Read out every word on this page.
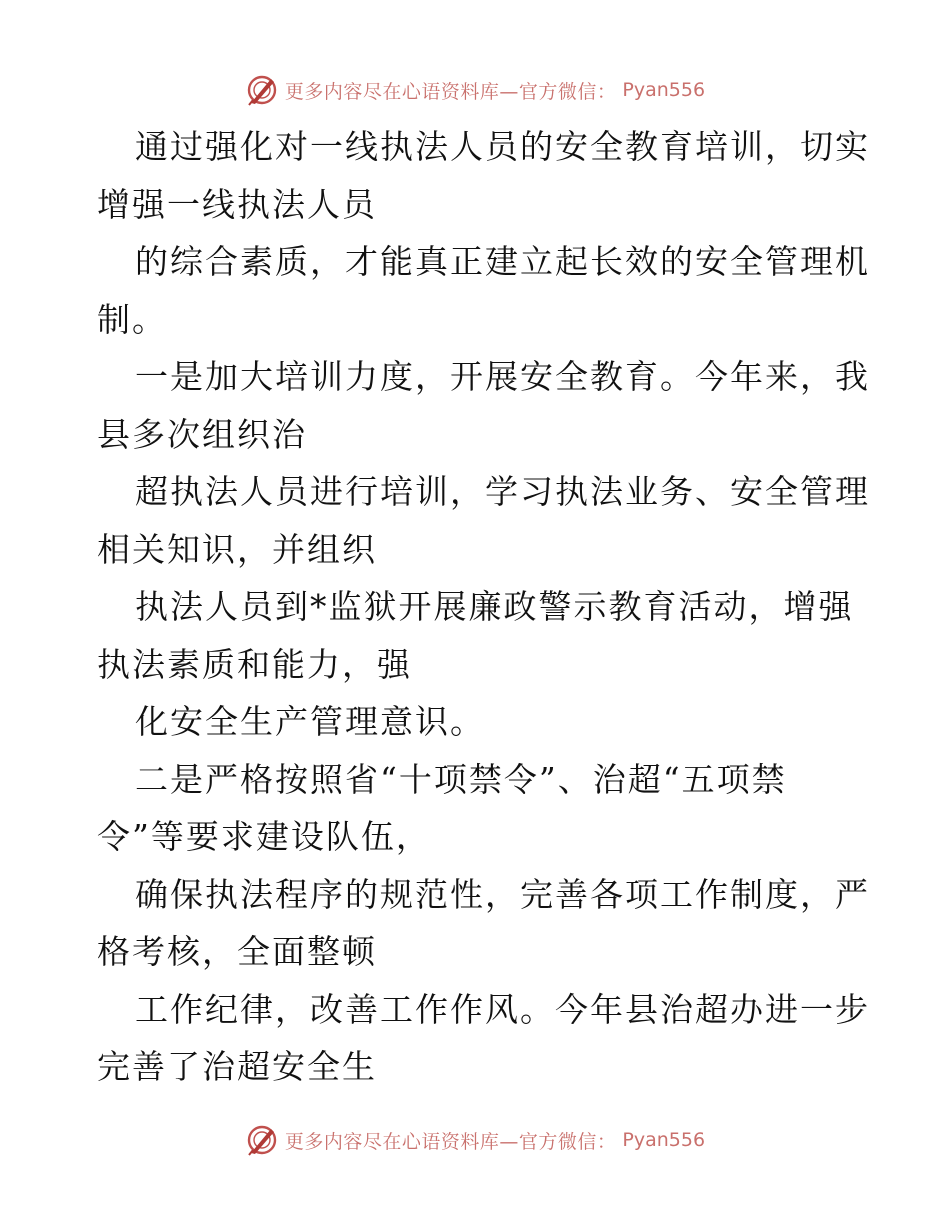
更多内容尽在心语资料库—官方微信： Pyan556
通过强化对一线执法人员的安全教育培训，切实
增强一线执法人员
的综合素质，才能真正建立起长效的安全管理机
制。
一是加大培训力度，开展安全教育。今年来，我
县多次组织治
超执法人员进行培训，学习执法业务、安全管理
相关知识，并组织
执法人员到*监狱开展廉政警示教育活动，增强
执法素质和能力，强
化安全生产管理意识。
二是严格按照省“十项禁令”、治超“五项禁
令”等要求建设队伍，
确保执法程序的规范性，完善各项工作制度，严
格考核，全面整顿
工作纪律，改善工作作风。今年县治超办进一步
完善了治超安全生
更多内容尽在心语资料库—官方微信： Pyan556
